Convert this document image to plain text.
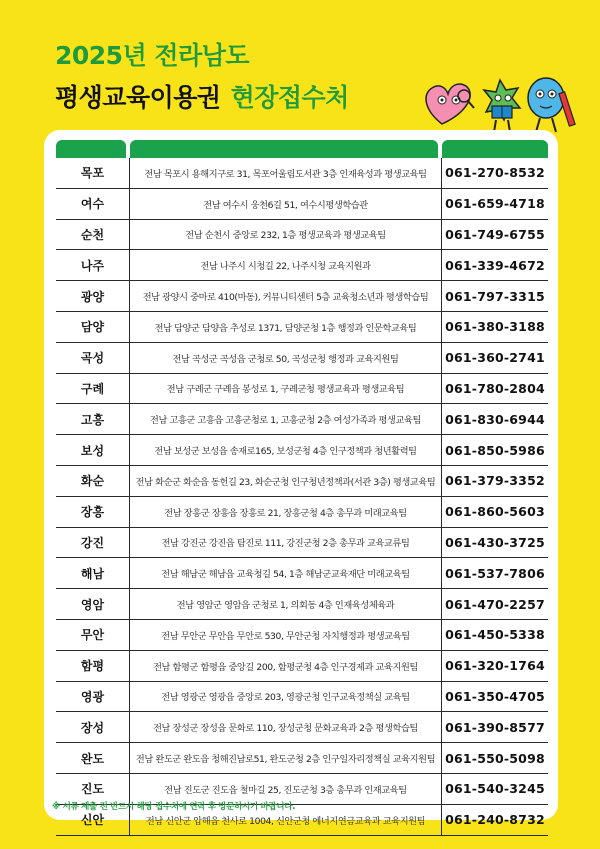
2025년 전라남도
평생교육이용권 현장접수처
목포	전남 목포시 용해지구로 31, 목포어울림도서관 3층 인재육성과 평생교육팀	061-270-8532
여수	전남 여수시 웅천6길 51, 여수시평생학습관	061-659-4718
순천	전남 순천시 중앙로 232, 1층 평생교육과 평생교육팀	061-749-6755
나주	전남 나주시 시청길 22, 나주시청 교육지원과	061-339-4672
광양	전남 광양시 중마로 410(마동), 커뮤니티센터 5층 교육청소년과 평생학습팀	061-797-3315
담양	전남 담양군 담양읍 추성로 1371, 담양군청 1층 행정과 인문학교육팀	061-380-3188
곡성	전남 곡성군 곡성읍 군청로 50, 곡성군청 행정과 교육지원팀	061-360-2741
구례	전남 구례군 구례읍 봉성로 1, 구례군청 평생교육과 평생교육팀	061-780-2804
고흥	전남 고흥군 고흥읍 고흥군청로 1, 고흥군청 2층 여성가족과 평생교육팀	061-830-6944
보성	전남 보성군 보성읍 송재로165, 보성군청 4층 인구정책과 청년활력팀	061-850-5986
화순	전남 화순군 화순읍 동헌길 23, 화순군청 인구청년정책과(서관 3층) 평생교육팀 061-379-3352
장흥	전남 장흥군 장흥읍 장흥로 21, 장흥군청 4층 총무과 미래교육팀	061-860-5603
강진	전남 강진군 강진읍 탐진로 111, 강진군청 2층 총무과 교육교류팀	061-430-3725
해남	전남 해남군 해남읍 교육청길 54, 1층 해남군교육재단 미래교육팀	061-537-7806
영암	전남 영암군 영암읍 군청로 1, 의회동 4층 인재육성체육과	061-470-2257
무안	전남 무안군 무안읍 무안로 530, 무안군청 자치행정과 평생교육팀	061-450-5338
함평	전남 함평군 함평읍 중앙길 200, 함평군청 4층 인구경제과 교육지원팀	061-320-1764
영광	전남 영광군 영광읍 중앙로 203, 영광군청 인구교육정책실 교육팀	061-350-4705
장성	전남 장성군 장성읍 문화로 110, 장성군청 문화교육과 2층 평생학습팀	061-390-8577
완도	전남 완도군 완도읍 청해진남로51, 완도군청 2층 인구일자리정책실 교육지원팀 061-550-5098
진도	전남 진도군 진도읍 철마길 25, 진도군청 3층 총무과 인재교육팀	061-540-3245
신안	전남 신안군 압해읍 천사로 1004, 신안군청 에너지연금교육과 교육지원팀	061-240-8732
※ 서류 제출 전 반드시 해당 접수처에 연락 후 방문하시기 바랍니다.
